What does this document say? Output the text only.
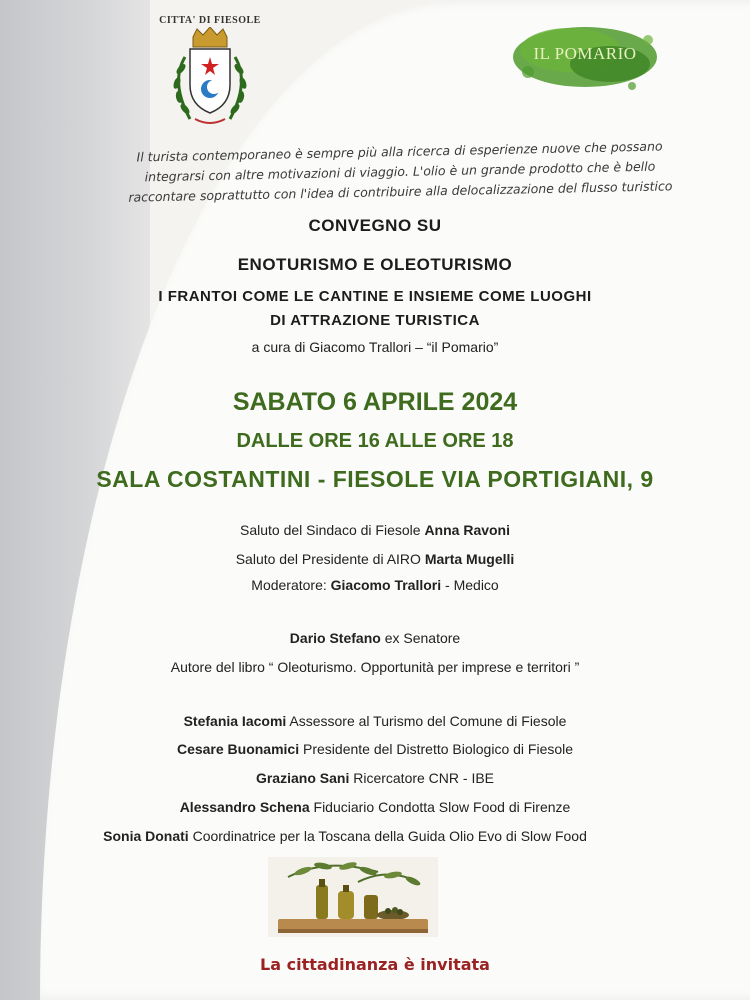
CITTA' DI FIESOLE
IL POMARIO
Il turista contemporaneo è sempre più alla ricerca di esperienze nuove che possano
integrarsi con altre motivazioni di viaggio. L'olio è un grande prodotto che è bello
raccontare soprattutto con l'idea di contribuire alla delocalizzazione del flusso turistico
CONVEGNO SU
ENOTURISMO E OLEOTURISMO
I FRANTOI COME LE CANTINE E INSIEME COME LUOGHI
DI ATTRAZIONE TURISTICA
a cura di Giacomo Trallori – “il Pomario”
SABATO 6 APRILE 2024
DALLE ORE 16 ALLE ORE 18
SALA COSTANTINI - FIESOLE VIA PORTIGIANI, 9
Saluto del Sindaco di Fiesole Anna Ravoni
Saluto del Presidente di AIRO Marta Mugelli
Moderatore: Giacomo Trallori - Medico
Dario Stefano ex Senatore
Autore del libro “ Oleoturismo. Opportunità per imprese e territori ”
Stefania Iacomi Assessore al Turismo del Comune di Fiesole
Cesare Buonamici Presidente del Distretto Biologico di Fiesole
Graziano Sani Ricercatore CNR - IBE
Alessandro Schena Fiduciario Condotta Slow Food di Firenze
Sonia Donati Coordinatrice per la Toscana della Guida Olio Evo di Slow Food
La cittadinanza è invitata
